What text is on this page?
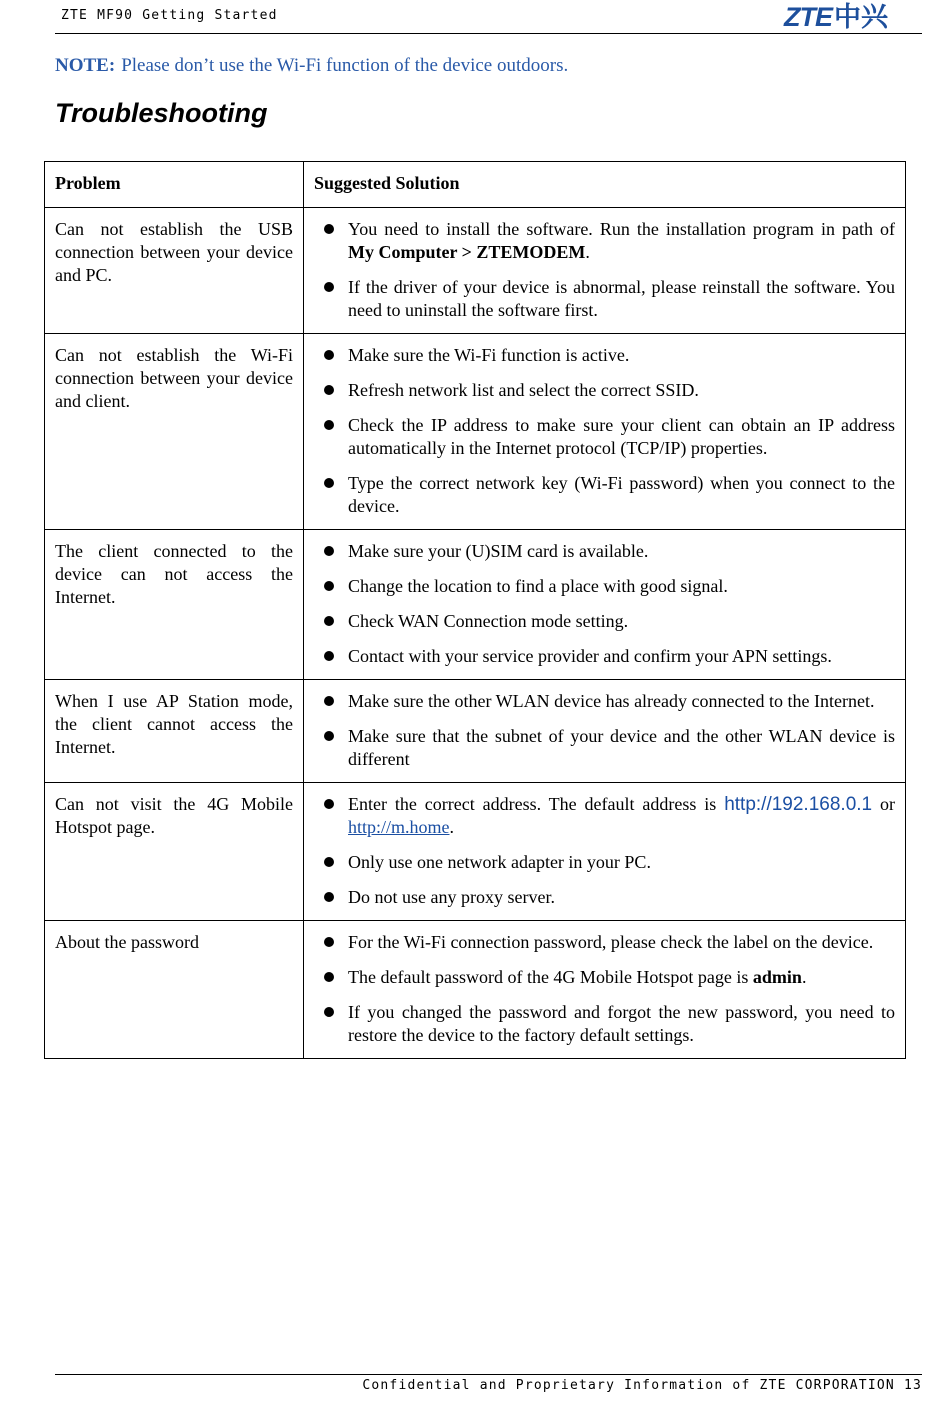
ZTE MF90 Getting Started	ZTE中兴
NOTE: Please don’t use the Wi-Fi function of the device outdoors.
Troubleshooting
Problem	Suggested Solution
Can not establish the USB connection between your device and PC.	You need to install the software. Run the installation program in path of My Computer > ZTEMODEM.
If the driver of your device is abnormal, please reinstall the software. You need to uninstall the software first.

Can not establish the Wi-Fi connection between your device and client.	Make sure the Wi-Fi function is active.
Refresh network list and select the correct SSID.
Check the IP address to make sure your client can obtain an IP address automatically in the Internet protocol (TCP/IP) properties.
Type the correct network key (Wi-Fi password) when you connect to the device.

The client connected to the device can not access the Internet.	Make sure your (U)SIM card is available.
Change the location to find a place with good signal.
Check WAN Connection mode setting.
Contact with your service provider and confirm your APN settings.

When I use AP Station mode, the client cannot access the Internet.	Make sure the other WLAN device has already connected to the Internet.
Make sure that the subnet of your device and the other WLAN device is different

Can not visit the 4G Mobile Hotspot page.	Enter the correct address. The default address is http://192.168.0.1 or http://m.home.
Only use one network adapter in your PC.
Do not use any proxy server.

About the password	For the Wi-Fi connection password, please check the label on the device.
The default password of the 4G Mobile Hotspot page is admin.
If you changed the password and forgot the new password, you need to restore the device to the factory default settings.
Confidential and Proprietary Information of ZTE CORPORATION 13
